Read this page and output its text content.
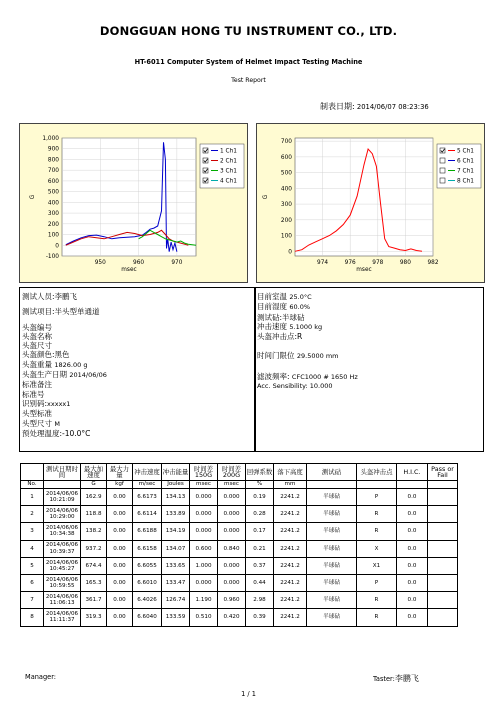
DONGGUAN HONG TU INSTRUMENT CO., LTD.
HT-6011 Computer System of Helmet Impact Testing Machine
Test Report
制表日期: 2014/06/07 08:23:36
1,000
900
800
700
600
500
400
300
200
100
0
-100
950	960	970
msec
G
1 Ch1
2 Ch1
3 Ch1
4 Ch1
700
600
500
400
300
200
100
0
974	976	978	980	982
msec
G
5 Ch1
6 Ch1
7 Ch1
8 Ch1
测试人员:李鹏飞
测试项目:半头型单通道
头盔编号
头盔名称
头盔尺寸
头盔颜色:黑色
头盔重量 1826.00 g
头盔生产日期 2014/06/06
标准备注
标准号
识别码:xxxxx1
头型标准
头型尺寸 M
预处理温度:-10.0°C
目前室温 25.0°C
目前湿度 60.0%
测试砧:半球砧
冲击速度 5.1000 kg
头盔冲击点:R
时间门限位 29.5000 mm
滤波频率: CFC1000 # 1650 Hz
Acc. Sensibility: 10.000
	测试日期时间	最大加速度	最大力量	冲击速度	冲击能量	时间差 150G	时间差 200G	回弹系数	落下高度	测试砧	头盔冲击点	H.I.C.	Pass or Fail
No.		G	kgf	m/sec	Joules	msec	msec	%	mm				
1	2014/06/06
10:21:09	162.9	0.00	6.6173	134.13	0.000	0.000	0.19	2241.2	半球砧	P	0.0	
2	2014/06/06
10:29:00	118.8	0.00	6.6114	133.89	0.000	0.000	0.28	2241.2	半球砧	R	0.0	
3	2014/06/06
10:34:38	138.2	0.00	6.6188	134.19	0.000	0.000	0.17	2241.2	半球砧	R	0.0	
4	2014/06/06
10:39:37	937.2	0.00	6.6158	134.07	0.600	0.840	0.21	2241.2	半球砧	X	0.0	
5	2014/06/06
10:45:27	674.4	0.00	6.6055	133.65	1.000	0.000	0.37	2241.2	半球砧	X1	0.0	
6	2014/06/06
10:59:55	165.3	0.00	6.6010	133.47	0.000	0.000	0.44	2241.2	半球砧	P	0.0	
7	2014/06/06
11:06:13	361.7	0.00	6.4026	126.74	1.190	0.960	2.98	2241.2	半球砧	R	0.0	
8	2014/06/06
11:11:37	319.3	0.00	6.6040	133.59	0.510	0.420	0.39	2241.2	半球砧	R	0.0	
Manager:	Taster:李鹏飞
1 / 1
